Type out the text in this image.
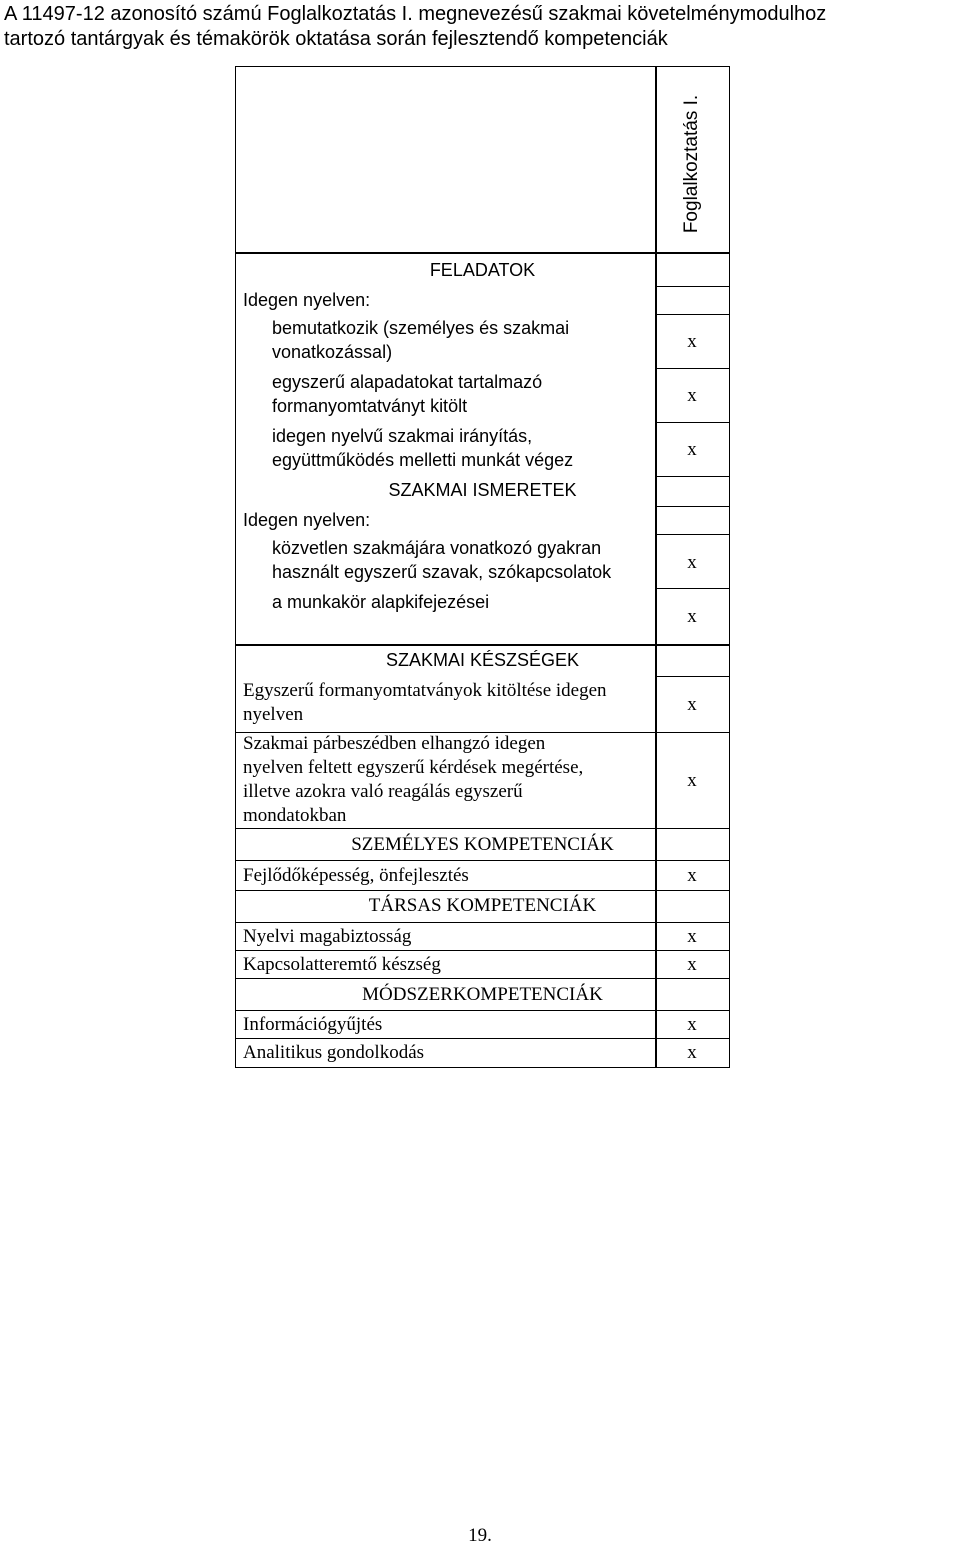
A 11497-12 azonosító számú Foglalkoztatás I. megnevezésű szakmai követelménymodulhoz
tartozó tantárgyak és témakörök oktatása során fejlesztendő kompetenciák
Foglalkoztatás I.
FELADATOK
Idegen nyelven:
bemutatkozik (személyes és szakmai
vonatkozással)
egyszerű alapadatokat tartalmazó
formanyomtatványt kitölt
idegen nyelvű szakmai irányítás,
együttműködés melletti munkát végez
x
x
x
SZAKMAI ISMERETEK
Idegen nyelven:
közvetlen szakmájára vonatkozó gyakran
használt egyszerű szavak, szókapcsolatok
a munkakör alapkifejezései
x
x
SZAKMAI KÉSZSÉGEK
Egyszerű formanyomtatványok kitöltése idegen
nyelven
Szakmai párbeszédben elhangzó idegen
nyelven feltett egyszerű kérdések megértése,
illetve azokra való reagálás egyszerű
mondatokban
x
x
SZEMÉLYES KOMPETENCIÁK
Fejlődőképesség, önfejlesztés	x
TÁRSAS KOMPETENCIÁK
Nyelvi magabiztosság
Kapcsolatteremtő készség
x
x
MÓDSZERKOMPETENCIÁK
Információgyűjtés
Analitikus gondolkodás
x
x
19.
